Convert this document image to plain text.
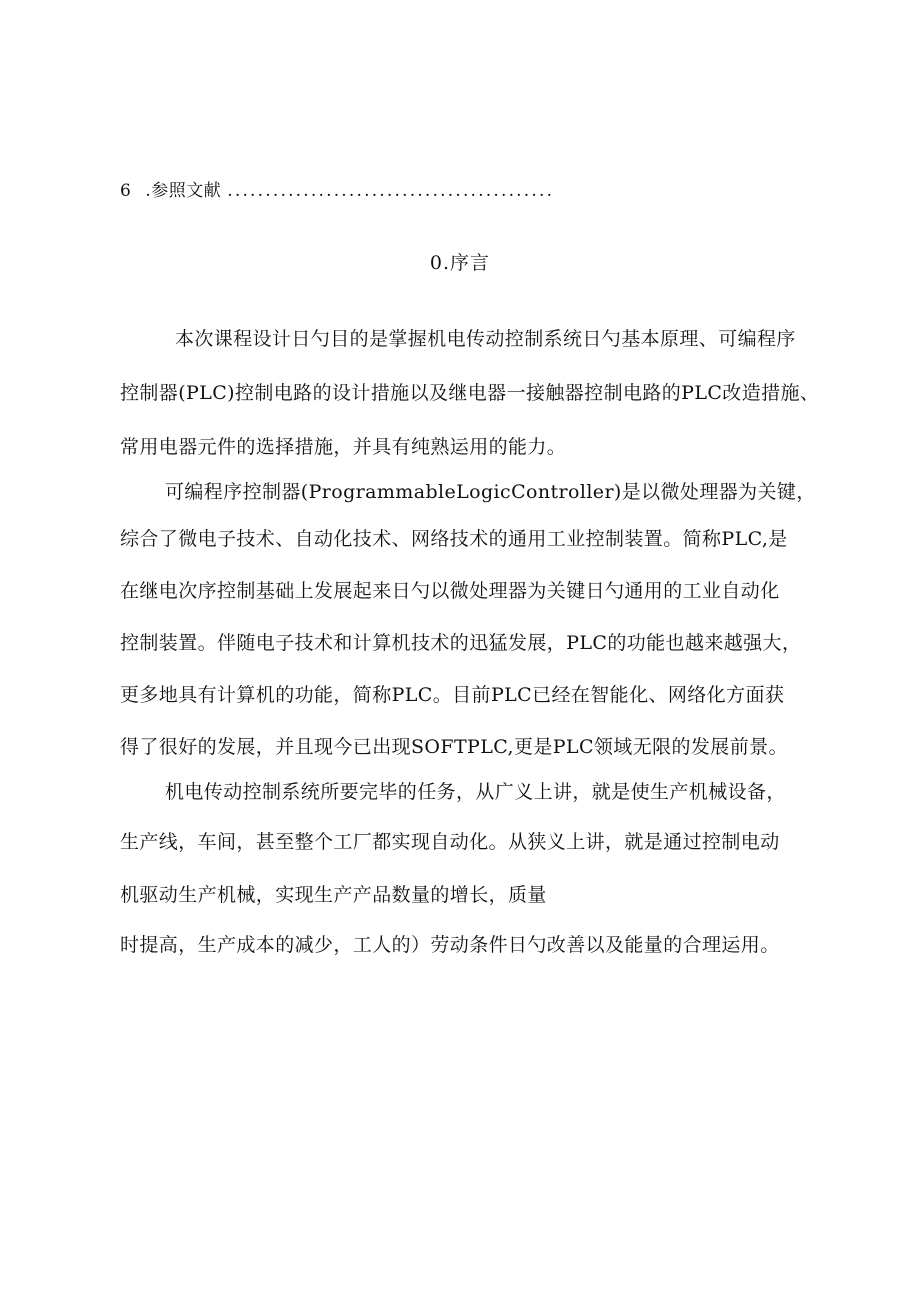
6 .参照文献 ...........................................
0.序言
本次课程设计日勺目的是掌握机电传动控制系统日勺基本原理、可编程序
控制器(PLC)控制电路的设计措施以及继电器一接触器控制电路的PLC改造措施、
常用电器元件的选择措施，并具有纯熟运用的能力。
可编程序控制器(ProgrammableLogicController)是以微处理器为关键，
综合了微电子技术、自动化技术、网络技术的通用工业控制装置。简称PLC,是
在继电次序控制基础上发展起来日勺以微处理器为关键日勺通用的工业自动化
控制装置。伴随电子技术和计算机技术的迅猛发展，PLC的功能也越来越强大，
更多地具有计算机的功能，简称PLC。目前PLC已经在智能化、网络化方面获
得了很好的发展，并且现今已出现SOFTPLC,更是PLC领域无限的发展前景。
机电传动控制系统所要完毕的任务，从广义上讲，就是使生产机械设备，
生产线，车间，甚至整个工厂都实现自动化。从狭义上讲，就是通过控制电动
机驱动生产机械，实现生产产品数量的增长，质量
时提高，生产成本的减少，工人的）劳动条件日勺改善以及能量的合理运用。
